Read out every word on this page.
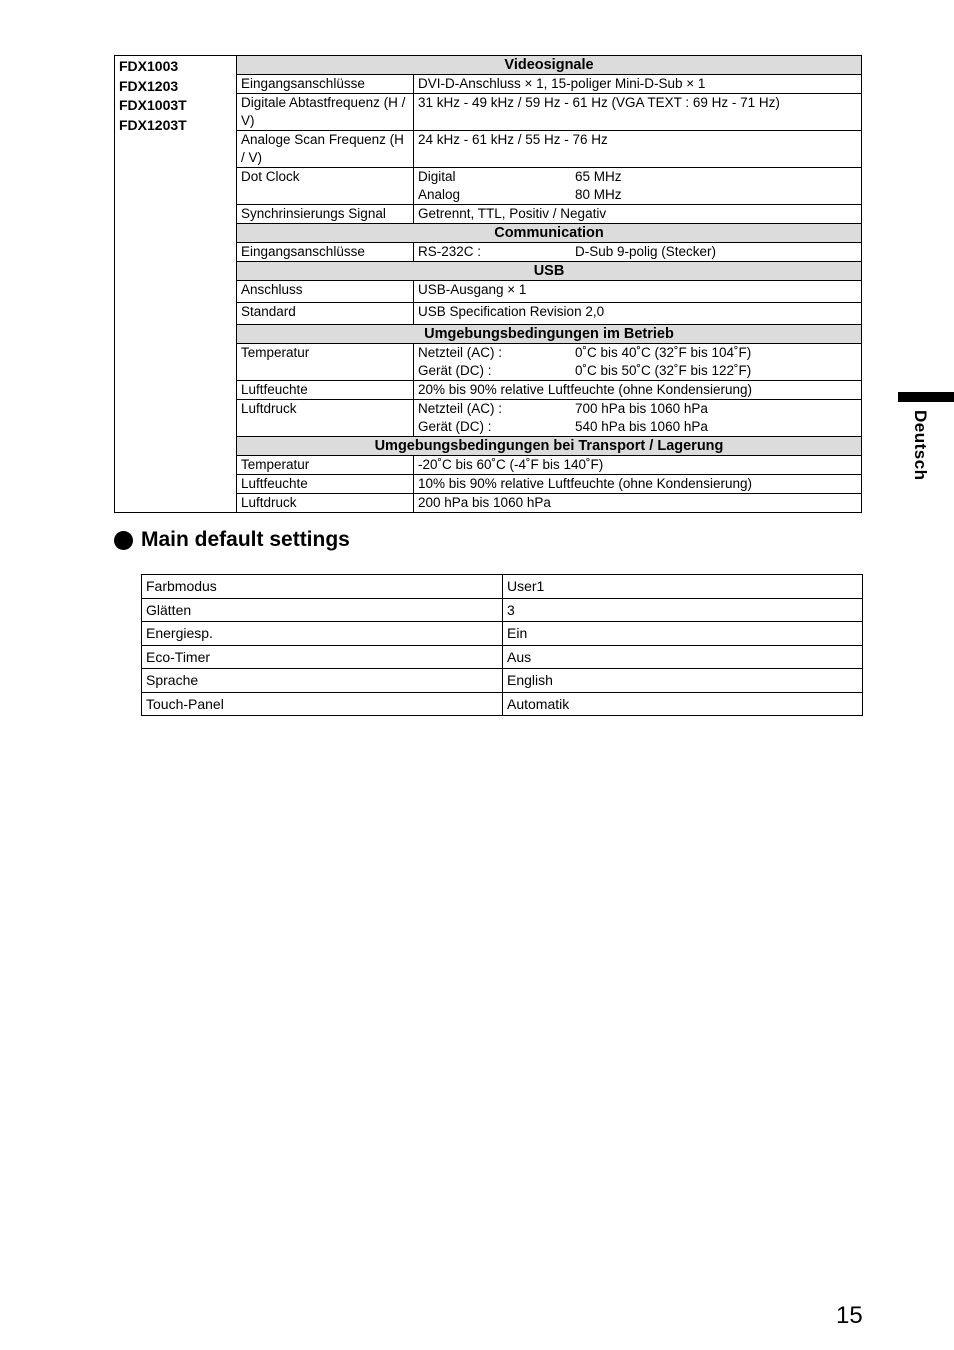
FDX1003
FDX1203
FDX1003T
FDX1203T	Videosignale	
	Eingangsanschlüsse	DVI-D-Anschluss × 1, 15-poliger Mini-D-Sub × 1
	Digitale Abtastfrequenz (H / V)	31 kHz - 49 kHz / 59 Hz - 61 Hz (VGA TEXT : 69 Hz - 71 Hz)
	Analoge Scan Frequenz (H / V)	24 kHz - 61 kHz / 55 Hz - 76 Hz
	Dot Clock	Digital 65 MHz
Analog 80 MHz

	Synchrinsierungs Signal	Getrennt, TTL, Positiv / Negativ
	Communication	
	Eingangsanschlüsse	RS-232C : D-Sub 9-polig (Stecker)

	USB	
	Anschluss	USB-Ausgang × 1
	Standard	USB Specification Revision 2,0
	Umgebungsbedingungen im Betrieb	
	Temperatur	Netzteil (AC) : 0˚C bis 40˚C (32˚F bis 104˚F)
Gerät (DC) : 0˚C bis 50˚C (32˚F bis 122˚F)

	Luftfeuchte	20% bis 90% relative Luftfeuchte (ohne Kondensierung)
	Luftdruck	Netzteil (AC) : 700 hPa bis 1060 hPa
Gerät (DC) : 540 hPa bis 1060 hPa

	Umgebungsbedingungen bei Transport / Lagerung	
	Temperatur	-20˚C bis 60˚C (-4˚F bis 140˚F)
	Luftfeuchte	10% bis 90% relative Luftfeuchte (ohne Kondensierung)
	Luftdruck	200 hPa bis 1060 hPa
Main default settings
Farbmodus	User1
Glätten	3
Energiesp.	Ein
Eco-Timer	Aus
Sprache	English
Touch-Panel	Automatik
Deutsch
15
